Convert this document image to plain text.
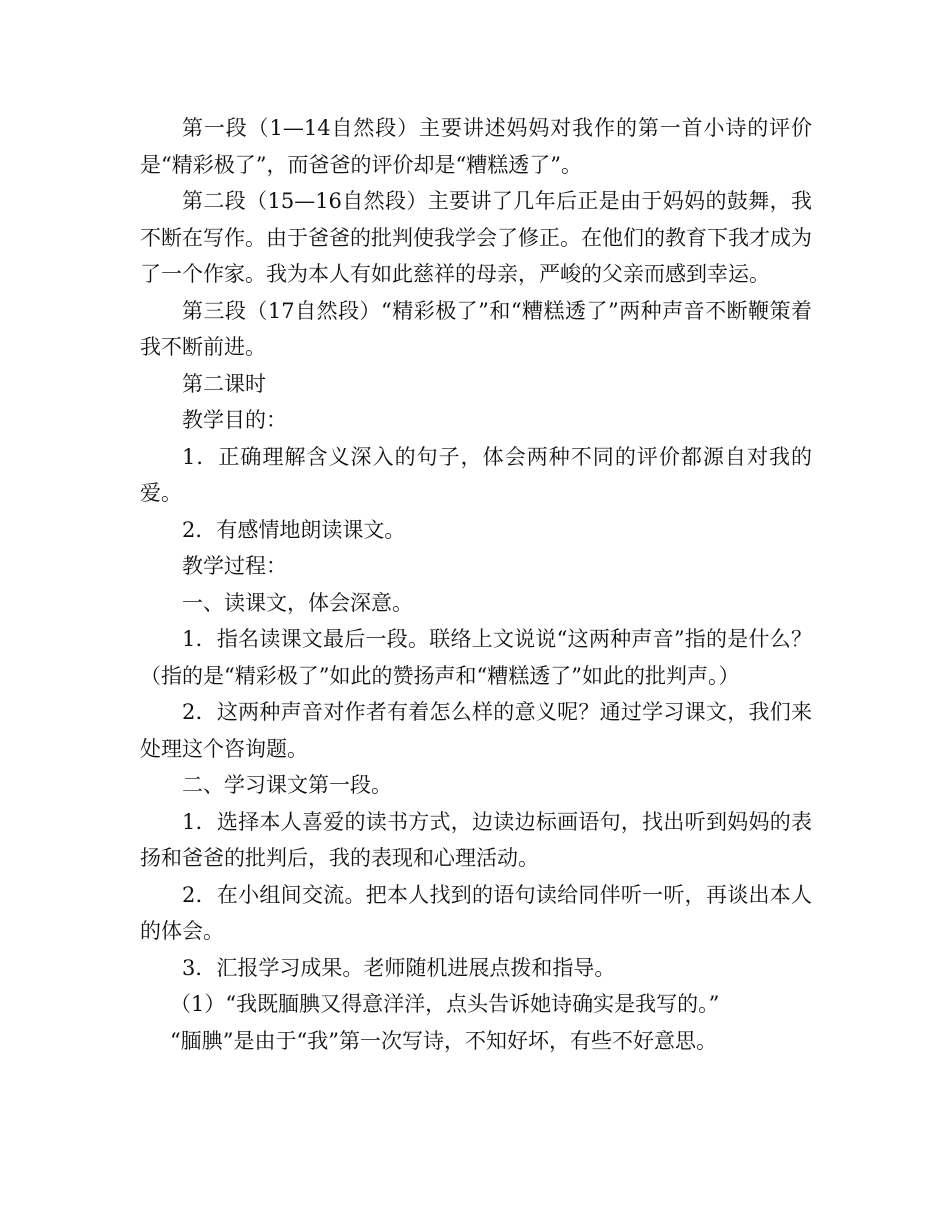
第一段（1—14自然段）主要讲述妈妈对我作的第一首小诗的评价是“精彩极了”，而爸爸的评价却是“糟糕透了”。

第二段（15—16自然段）主要讲了几年后正是由于妈妈的鼓舞，我不断在写作。由于爸爸的批判使我学会了修正。在他们的教育下我才成为了一个作家。我为本人有如此慈祥的母亲，严峻的父亲而感到幸运。

第三段（17自然段）“精彩极了”和“糟糕透了”两种声音不断鞭策着我不断前进。

第二课时

教学目的：

1．正确理解含义深入的句子，体会两种不同的评价都源自对我的爱。

2．有感情地朗读课文。

教学过程：

一、读课文，体会深意。

1．指名读课文最后一段。联络上文说说“这两种声音”指的是什么？（指的是“精彩极了”如此的赞扬声和“糟糕透了”如此的批判声。）

2．这两种声音对作者有着怎么样的意义呢？通过学习课文，我们来处理这个咨询题。

二、学习课文第一段。

1．选择本人喜爱的读书方式，边读边标画语句，找出听到妈妈的表扬和爸爸的批判后，我的表现和心理活动。

2．在小组间交流。把本人找到的语句读给同伴听一听，再谈出本人的体会。

3．汇报学习成果。老师随机进展点拨和指导。

（1）“我既腼腆又得意洋洋，点头告诉她诗确实是我写的。”

“腼腆”是由于“我”第一次写诗，不知好坏，有些不好意思。
